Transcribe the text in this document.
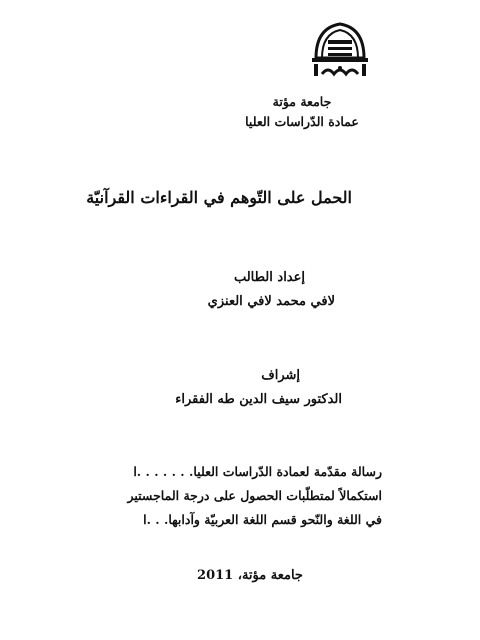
جامعة مؤتة
عمادة الدّراسات العليا
الحمل على التّوهم في القراءات القرآنيّة
إعداد الطالب
لافي محمد لافي العنزي
إشراف
الدكتور سيف الدين طه الفقراء
رسالة مقدّمة لعمادة الدّراسات العليا. . . . . . .ا
استكمالاً لمتطلّبات الحصول على درجة الماجستير
في اللغة والنّحو قسم اللغة العربيّة وآدابها. . .ا
جامعة مؤتة، 2011
